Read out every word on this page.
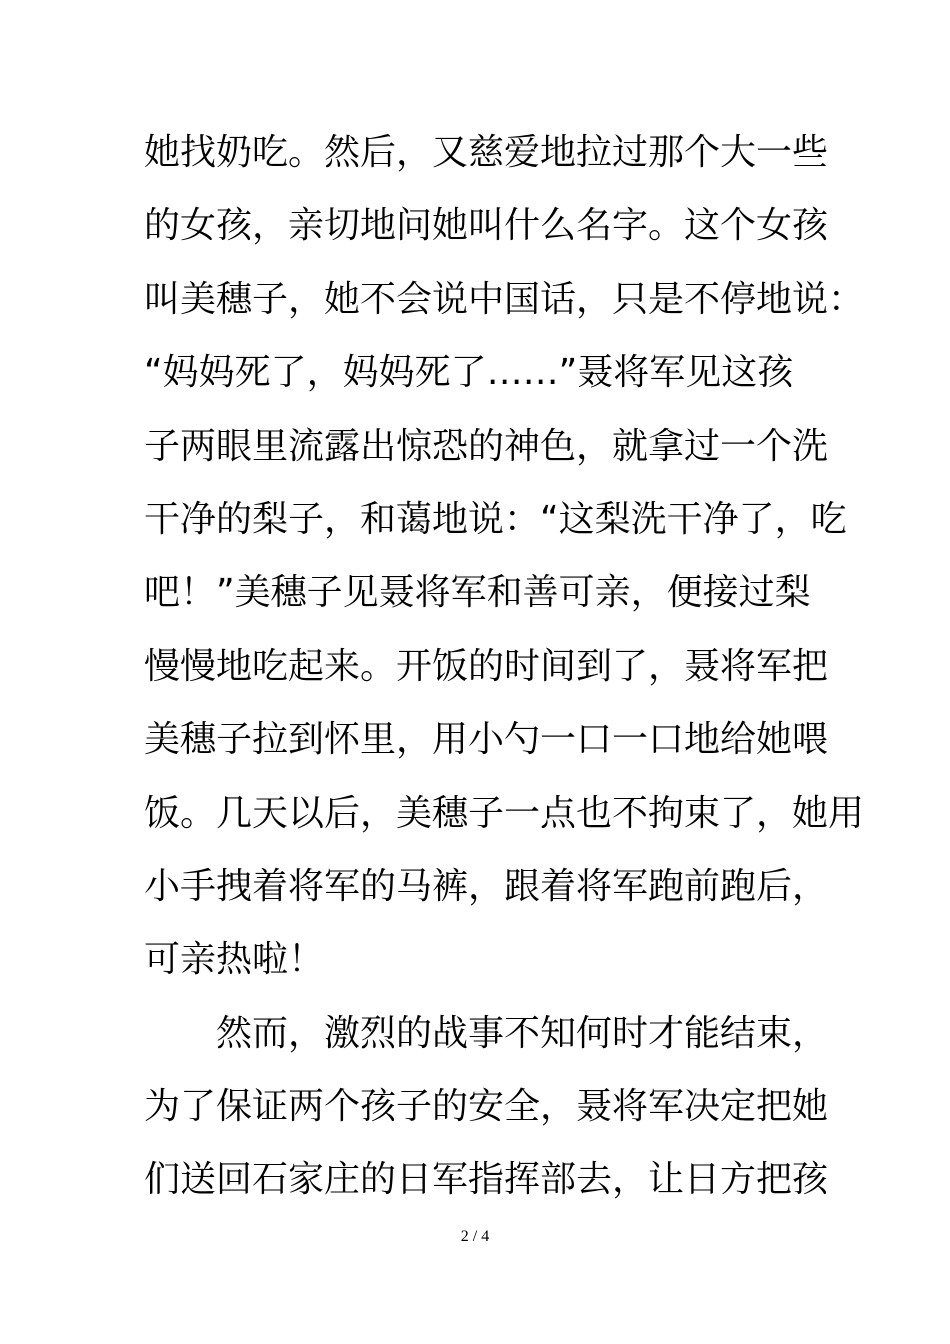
她找奶吃。然后，又慈爱地拉过那个大一些
的女孩，亲切地问她叫什么名字。这个女孩
叫美穗子，她不会说中国话，只是不停地说：
“妈妈死了，妈妈死了……”聂将军见这孩
子两眼里流露出惊恐的神色，就拿过一个洗
干净的梨子，和蔼地说：“这梨洗干净了，吃
吧！”美穗子见聂将军和善可亲，便接过梨
慢慢地吃起来。开饭的时间到了，聂将军把
美穗子拉到怀里，用小勺一口一口地给她喂
饭。几天以后，美穗子一点也不拘束了，她用
小手拽着将军的马裤，跟着将军跑前跑后，
可亲热啦！
然而，激烈的战事不知何时才能结束，
为了保证两个孩子的安全，聂将军决定把她
们送回石家庄的日军指挥部去，让日方把孩
2 / 4
